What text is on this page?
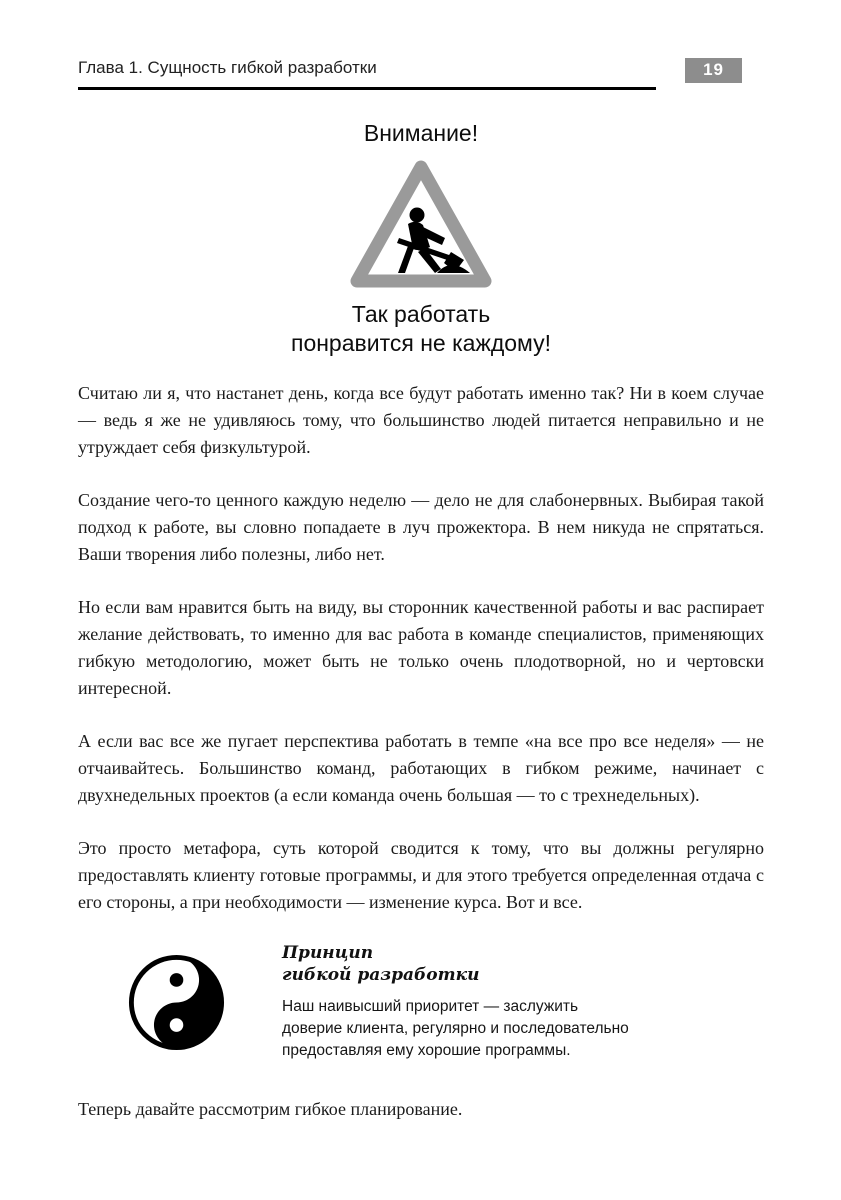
Глава 1. Сущность гибкой разработки	19
Внимание!
Так работать
понравится не каждому!

Считаю ли я, что настанет день, когда все будут работать именно так? Ни в коем случае — ведь я же не удивляюсь тому, что большинство людей питается неправильно и не утруждает себя физкультурой.

Создание чего-то ценного каждую неделю — дело не для слабонервных. Выбирая такой подход к работе, вы словно попадаете в луч прожектора. В нем никуда не спрятаться. Ваши творения либо полезны, либо нет.

Но если вам нравится быть на виду, вы сторонник качественной работы и вас распирает желание действовать, то именно для вас работа в команде специалистов, применяющих гибкую методологию, может быть не только очень плодотворной, но и чертовски интересной.

А если вас все же пугает перспектива работать в темпе «на все про все неделя» — не отчаивайтесь. Большинство команд, работающих в гибком режиме, начинает с двухнедельных проектов (а если команда очень большая — то с трехнедельных).

Это просто метафора, суть которой сводится к тому, что вы должны регулярно предоставлять клиенту готовые программы, и для этого требуется определенная отдача с его стороны, а при необходимости — изменение курса. Вот и все.

Принцип
гибкой разработки
Наш наивысший приоритет — заслужить доверие клиента, регулярно и последовательно предоставляя ему хорошие программы.
Теперь давайте рассмотрим гибкое планирование.
